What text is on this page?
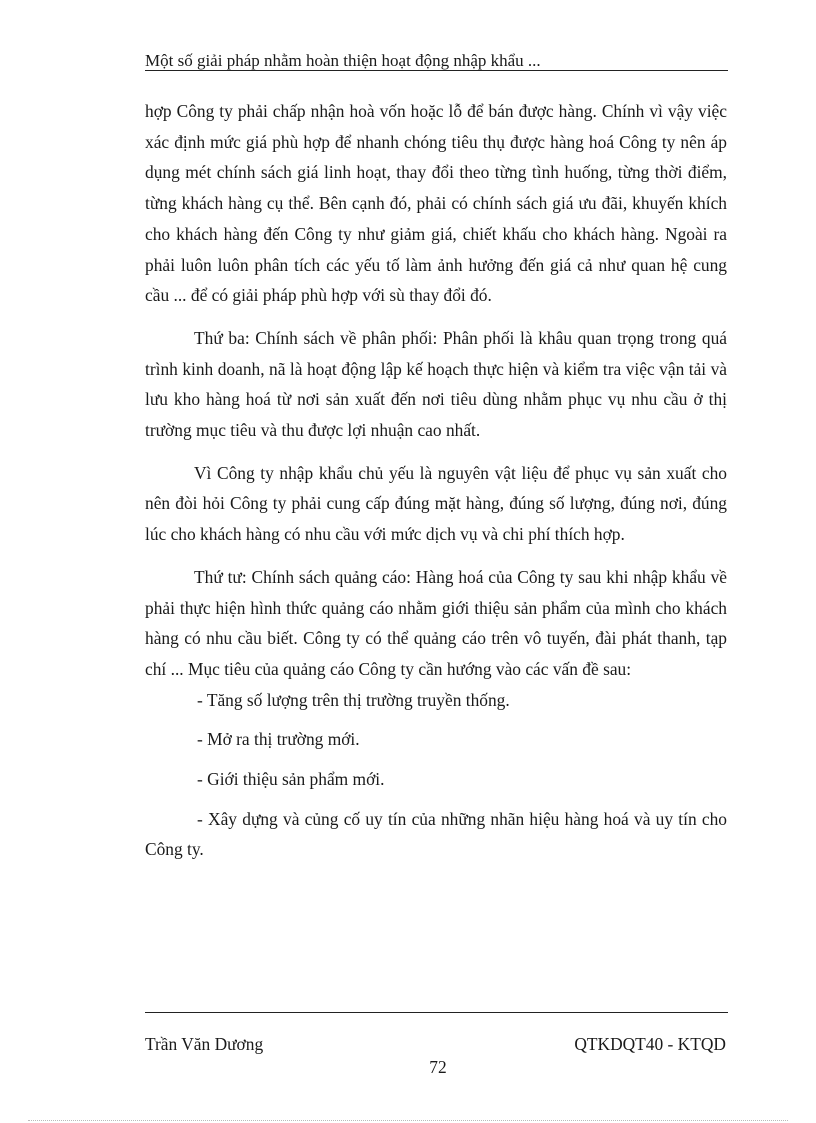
Một số giải pháp nhằm hoàn thiện hoạt động nhập khẩu ...

hợp Công ty phải chấp nhận hoà vốn hoặc lỗ để bán được hàng. Chính vì vậy việc xác định mức giá phù hợp để nhanh chóng tiêu thụ được hàng hoá Công ty nên áp dụng mét chính sách giá linh hoạt, thay đổi theo từng tình huống, từng thời điểm, từng khách hàng cụ thể. Bên cạnh đó, phải có chính sách giá ưu đãi, khuyến khích cho khách hàng đến Công ty như giảm giá, chiết khấu cho khách hàng. Ngoài ra phải luôn luôn phân tích các yếu tố làm ảnh hưởng đến giá cả như quan hệ cung cầu ... để có giải pháp phù hợp với sù thay đổi đó.

Thứ ba: Chính sách về phân phối: Phân phối là khâu quan trọng trong quá trình kinh doanh, nã là hoạt động lập kế hoạch thực hiện và kiểm tra việc vận tải và lưu kho hàng hoá từ nơi sản xuất đến nơi tiêu dùng nhằm phục vụ nhu cầu ở thị trường mục tiêu và thu được lợi nhuận cao nhất.

Vì Công ty nhập khẩu chủ yếu là nguyên vật liệu để phục vụ sản xuất cho nên đòi hỏi Công ty phải cung cấp đúng mặt hàng, đúng số lượng, đúng nơi, đúng lúc cho khách hàng có nhu cầu với mức dịch vụ và chi phí thích hợp.

Thứ tư: Chính sách quảng cáo: Hàng hoá của Công ty sau khi nhập khẩu về phải thực hiện hình thức quảng cáo nhằm giới thiệu sản phẩm của mình cho khách hàng có nhu cầu biết. Công ty có thể quảng cáo trên vô tuyến, đài phát thanh, tạp chí ... Mục tiêu của quảng cáo Công ty cần hướng vào các vấn đề sau:

- Tăng số lượng trên thị trường truyền thống.

- Mở ra thị trường mới.

- Giới thiệu sản phẩm mới.

- Xây dựng và củng cố uy tín của những nhãn hiệu hàng hoá và uy tín cho Công ty.

Trần Văn Dương	QTKDQT40 - KTQD
72
